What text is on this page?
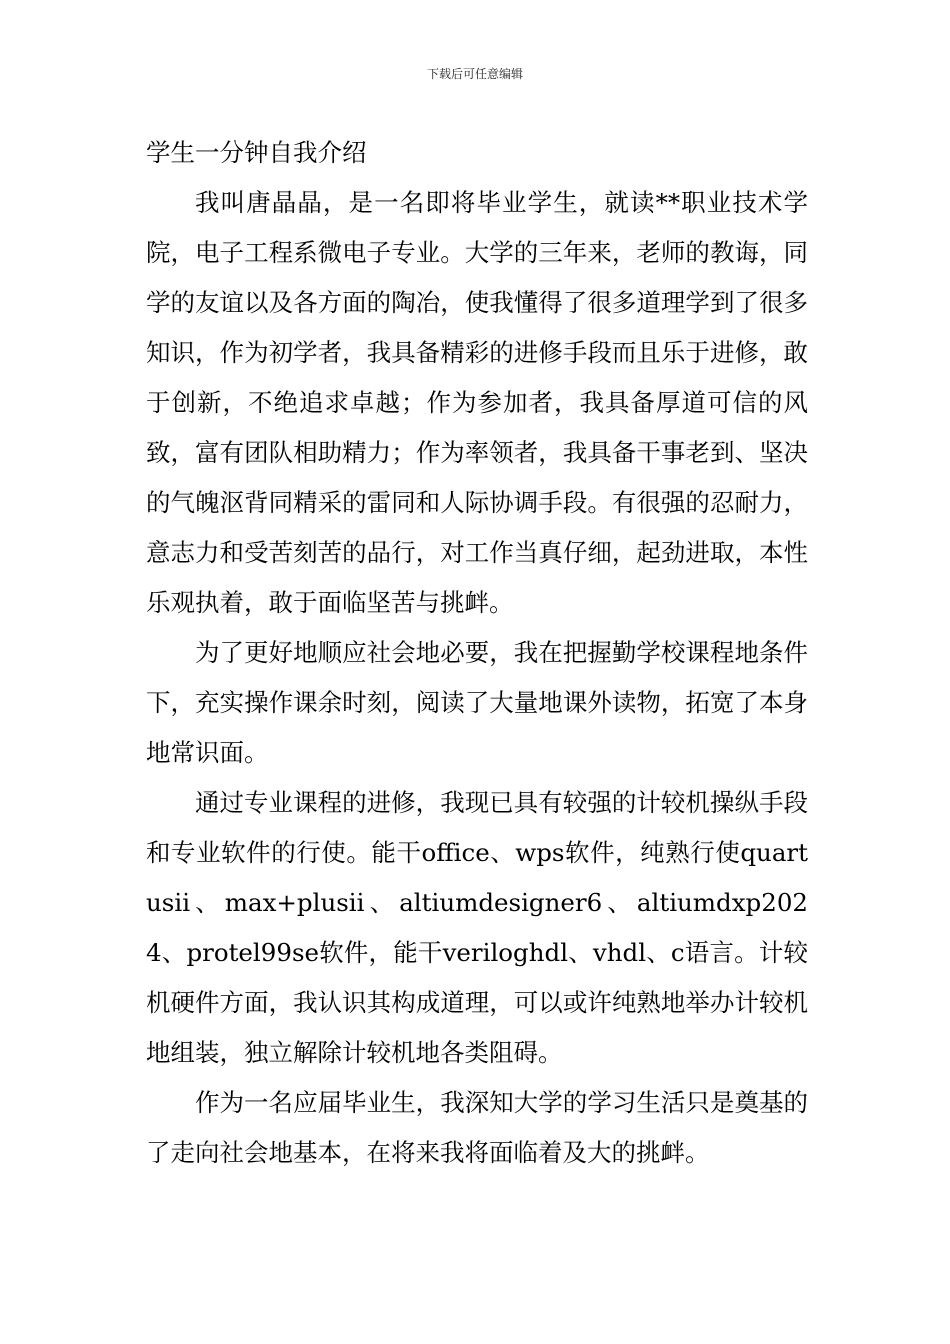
下载后可任意编辑
学生一分钟自我介绍

我叫唐晶晶，是一名即将毕业学生，就读**职业技术学院，电子工程系微电子专业。大学的三年来，老师的教诲，同学的友谊以及各方面的陶冶，使我懂得了很多道理学到了很多知识，作为初学者，我具备精彩的进修手段而且乐于进修，敢于创新，不绝追求卓越；作为参加者，我具备厚道可信的风致，富有团队相助精力；作为率领者，我具备干事老到、坚决的气魄沤背同精采的雷同和人际协调手段。有很强的忍耐力，意志力和受苦刻苦的品行，对工作当真仔细，起劲进取，本性乐观执着，敢于面临坚苦与挑衅。

为了更好地顺应社会地必要，我在把握勤学校课程地条件下，充实操作课余时刻，阅读了大量地课外读物，拓宽了本身地常识面。

通过专业课程的进修，我现已具有较强的计较机操纵手段和专业软件的行使。能干office、wps软件，纯熟行使quartusii、max+plusii、altiumdesigner6、altiumdxp2024、protel99se软件，能干veriloghdl、vhdl、c语言。计较机硬件方面，我认识其构成道理，可以或许纯熟地举办计较机地组装，独立解除计较机地各类阻碍。

作为一名应届毕业生，我深知大学的学习生活只是奠基的了走向社会地基本，在将来我将面临着及大的挑衅。
